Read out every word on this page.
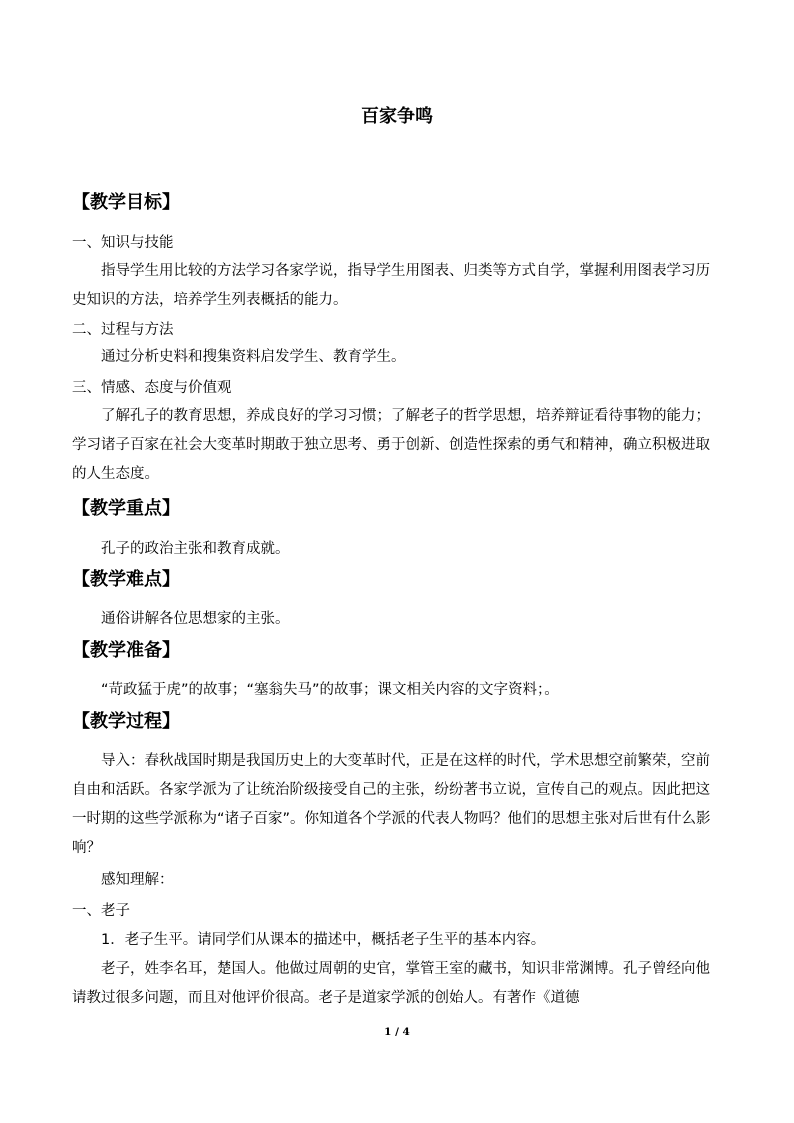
百家争鸣
【教学目标】
一、知识与技能
指导学生用比较的方法学习各家学说，指导学生用图表、归类等方式自学，掌握利用图表学习历史知识的方法，培养学生列表概括的能力。
二、过程与方法
通过分析史料和搜集资料启发学生、教育学生。
三、情感、态度与价值观
了解孔子的教育思想，养成良好的学习习惯；了解老子的哲学思想，培养辩证看待事物的能力；学习诸子百家在社会大变革时期敢于独立思考、勇于创新、创造性探索的勇气和精神，确立积极进取的人生态度。
【教学重点】
孔子的政治主张和教育成就。
【教学难点】
通俗讲解各位思想家的主张。
【教学准备】
“苛政猛于虎”的故事；“塞翁失马”的故事；课文相关内容的文字资料；。
【教学过程】
导入：春秋战国时期是我国历史上的大变革时代，正是在这样的时代，学术思想空前繁荣，空前自由和活跃。各家学派为了让统治阶级接受自己的主张，纷纷著书立说，宣传自己的观点。因此把这一时期的这些学派称为“诸子百家”。你知道各个学派的代表人物吗？他们的思想主张对后世有什么影响？
感知理解：
一、老子
1．老子生平。请同学们从课本的描述中，概括老子生平的基本内容。
老子，姓李名耳，楚国人。他做过周朝的史官，掌管王室的藏书，知识非常渊博。孔子曾经向他请教过很多问题，而且对他评价很高。老子是道家学派的创始人。有著作《道德
1 / 4
